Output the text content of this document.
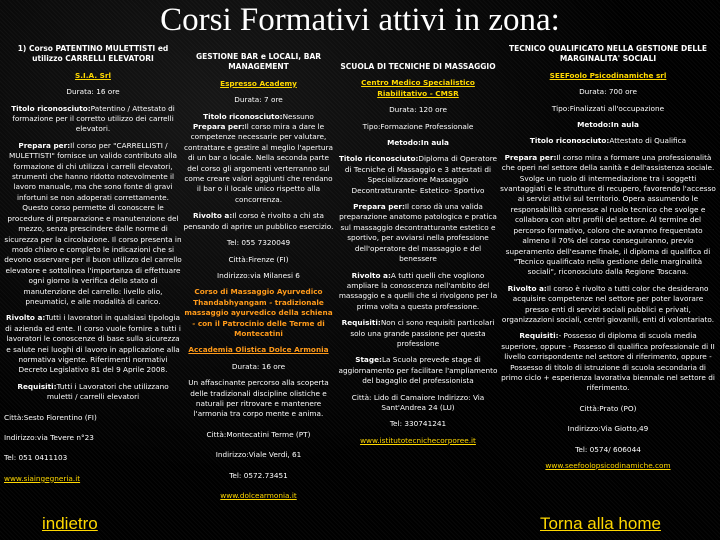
Corsi Formativi attivi in zona:
1) Corso PATENTINO MULETTISTI ed utilizzo CARRELLI ELEVATORI
S.I.A. Srl
Durata: 16 ore
Titolo riconosciuto:Patentino / Attestato di formazione per il corretto utilizzo dei carrelli elevatori.
Prepara per:Il corso per "CARRELLISTI / MULETTISTI" fornisce un valido contributo alla formazione di chi utilizza i carrelli elevatori, strumenti che hanno ridotto notevolmente il lavoro manuale, ma che sono fonte di gravi infortuni se non adoperati correttamente. Questo corso permette di conoscere le procedure di preparazione e manutenzione del mezzo, senza prescindere dalle norme di sicurezza per la circolazione. Il corso presenta in modo chiaro e completo le indicazioni che si devono osservare per il buon utilizzo del carrello elevatore e sottolinea l'importanza di effettuare ogni giorno la verifica dello stato di manutenzione del carrello: livello olio, pneumatici, e alle modalità di carico.
Rivolto a:Tutti i lavoratori in qualsiasi tipologia di azienda ed ente. Il corso vuole fornire a tutti i lavoratori le conoscenze di base sulla sicurezza e salute nei luoghi di lavoro in applicazione alla normativa vigente. Riferimenti normativi Decreto Legislativo 81 del 9 Aprile 2008.
Requisiti:Tutti i Lavoratori che utilizzano muletti / carrelli elevatori
Città:Sesto Fiorentino (FI)
Indirizzo:via Tevere n°23
Tel: 051 0411103
www.siaingegneria.it
GESTIONE BAR e LOCALI, BAR MANAGEMENT
Espresso Academy
Durata: 7 ore
Titolo riconosciuto:Nessuno
Prepara per:Il corso mira a dare le competenze necessarie per valutare, contrattare e gestire al meglio l'apertura di un bar o locale. Nella seconda parte del corso gli argomenti verterranno sul come creare valori aggiunti che rendano il bar o il locale unico rispetto alla concorrenza.
Rivolto a:Il corso è rivolto a chi sta pensando di aprire un pubblico esercizio.
Tel: 055 7320049
Città:Firenze (FI)
Indirizzo:via Milanesi 6
Corso di Massaggio Ayurvedico Thandabhyangam - tradizionale massaggio ayurvedico della schiena - con il Patrocinio delle Terme di Montecatini
Accademia Olistica Dolce Armonia
Durata: 16 ore
Un affascinante percorso alla scoperta delle tradizionali discipline olistiche e naturali per ritrovare e mantenere l'armonia tra corpo mente e anima.
Città:Montecatini Terme (PT)
Indirizzo:Viale Verdi, 61
Tel: 0572.73451
www.dolcearmonia.it
SCUOLA DI TECNICHE DI MASSAGGIO
Centro Medico Specialistico Riabilitativo - CMSR
Durata: 120 ore
Tipo:Formazione Professionale
Metodo:In aula
Titolo riconosciuto:Diploma di Operatore di Tecniche di Massaggio e 3 attestati di Specializzazione Massaggio Decontratturante- Estetico- Sportivo
Prepara per:Il corso dà una valida preparazione anatomo patologica e pratica sul massaggio decontratturante estetico e sportivo, per avviarsi nella professione dell'operatore del massaggio e del benessere
Rivolto a:A tutti quelli che vogliono ampliare la conoscenza nell'ambito del massaggio e a quelli che si rivolgono per la prima volta a questa professione.
Requisiti:Non ci sono requisiti particolari solo una grande passione per questa professione
Stage:La Scuola prevede stage di aggiornamento per facilitare l'ampliamento del bagaglio del professionista
Città: Lido di Camaiore Indirizzo: Via Sant'Andrea 24 (LU)
Tel: 330741241
www.istitutotecnichecorporee.it
TECNICO QUALIFICATO NELLA GESTIONE DELLE MARGINALITA' SOCIALI
SEEFoolo Psicodinamiche srl
Durata: 700 ore
Tipo:Finalizzati all'occupazione
Metodo:In aula
Titolo riconosciuto:Attestato di Qualifica
Prepara per:Il corso mira a formare una professionalità che operi nel settore della sanità e dell'assistenza sociale. Svolge un ruolo di intermediazione tra i soggetti svantaggiati e le strutture di recupero, favorendo l'accesso ai servizi attivi sul territorio. Opera assumendo le responsabilità connesse al ruolo tecnico che svolge e collabora con altri profili del settore. Al termine del percorso formativo, coloro che avranno frequentato almeno il 70% del corso conseguiranno, previo superamento dell'esame finale, il diploma di qualifica di "Tecnico qualificato nella gestione delle marginalità sociali", riconosciuto dalla Regione Toscana.
Rivolto a:Il corso è rivolto a tutti color che desiderano acquisire competenze nel settore per poter lavorare presso enti di servizi sociali pubblici e privati, organizzazioni sociali, centri giovanili, enti di volontariato.
Requisiti:- Possesso di diploma di scuola media superiore, oppure - Possesso di qualifica professionale di II livello corrispondente nel settore di riferimento, oppure - Possesso di titolo di istruzione di scuola secondaria di primo ciclo + esperienza lavorativa biennale nel settore di riferimento.
Città:Prato (PO)
Indirizzo:Via Giotto,49
Tel: 0574/ 606044
www.seefoolopsicodinamiche.com
indietro	Torna alla home
